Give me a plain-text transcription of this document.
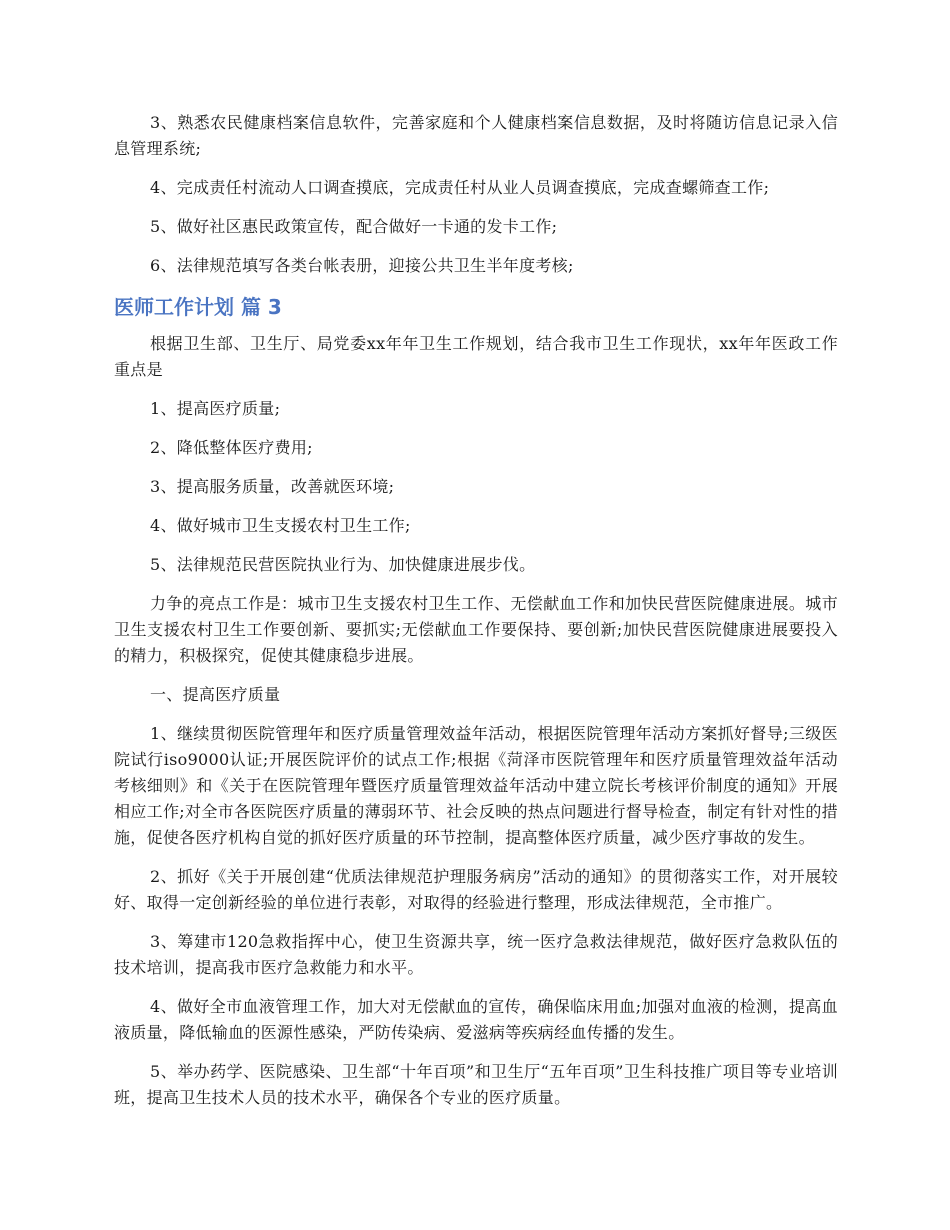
3、熟悉农民健康档案信息软件，完善家庭和个人健康档案信息数据，及时将随访信息记录入信息管理系统;

4、完成责任村流动人口调查摸底，完成责任村从业人员调查摸底，完成查螺筛查工作;

5、做好社区惠民政策宣传，配合做好一卡通的发卡工作;

6、法律规范填写各类台帐表册，迎接公共卫生半年度考核;

医师工作计划 篇 3

根据卫生部、卫生厅、局党委xx年年卫生工作规划，结合我市卫生工作现状，xx年年医政工作重点是

1、提高医疗质量;

2、降低整体医疗费用;

3、提高服务质量，改善就医环境;

4、做好城市卫生支援农村卫生工作;

5、法律规范民营医院执业行为、加快健康进展步伐。

力争的亮点工作是：城市卫生支援农村卫生工作、无偿献血工作和加快民营医院健康进展。城市卫生支援农村卫生工作要创新、要抓实;无偿献血工作要保持、要创新;加快民营医院健康进展要投入的精力，积极探究，促使其健康稳步进展。

一、提高医疗质量

1、继续贯彻医院管理年和医疗质量管理效益年活动，根据医院管理年活动方案抓好督导;三级医院试行iso9000认证;开展医院评价的试点工作;根据《菏泽市医院管理年和医疗质量管理效益年活动考核细则》和《关于在医院管理年暨医疗质量管理效益年活动中建立院长考核评价制度的通知》开展相应工作;对全市各医院医疗质量的薄弱环节、社会反映的热点问题进行督导检查，制定有针对性的措施，促使各医疗机构自觉的抓好医疗质量的环节控制，提高整体医疗质量，减少医疗事故的发生。

2、抓好《关于开展创建“优质法律规范护理服务病房”活动的通知》的贯彻落实工作，对开展较好、取得一定创新经验的单位进行表彰，对取得的经验进行整理，形成法律规范，全市推广。

3、筹建市120急救指挥中心，使卫生资源共享，统一医疗急救法律规范，做好医疗急救队伍的技术培训，提高我市医疗急救能力和水平。

4、做好全市血液管理工作，加大对无偿献血的宣传，确保临床用血;加强对血液的检测，提高血液质量，降低输血的医源性感染，严防传染病、爱滋病等疾病经血传播的发生。

5、举办药学、医院感染、卫生部“十年百项”和卫生厅“五年百项”卫生科技推广项目等专业培训班，提高卫生技术人员的技术水平，确保各个专业的医疗质量。
